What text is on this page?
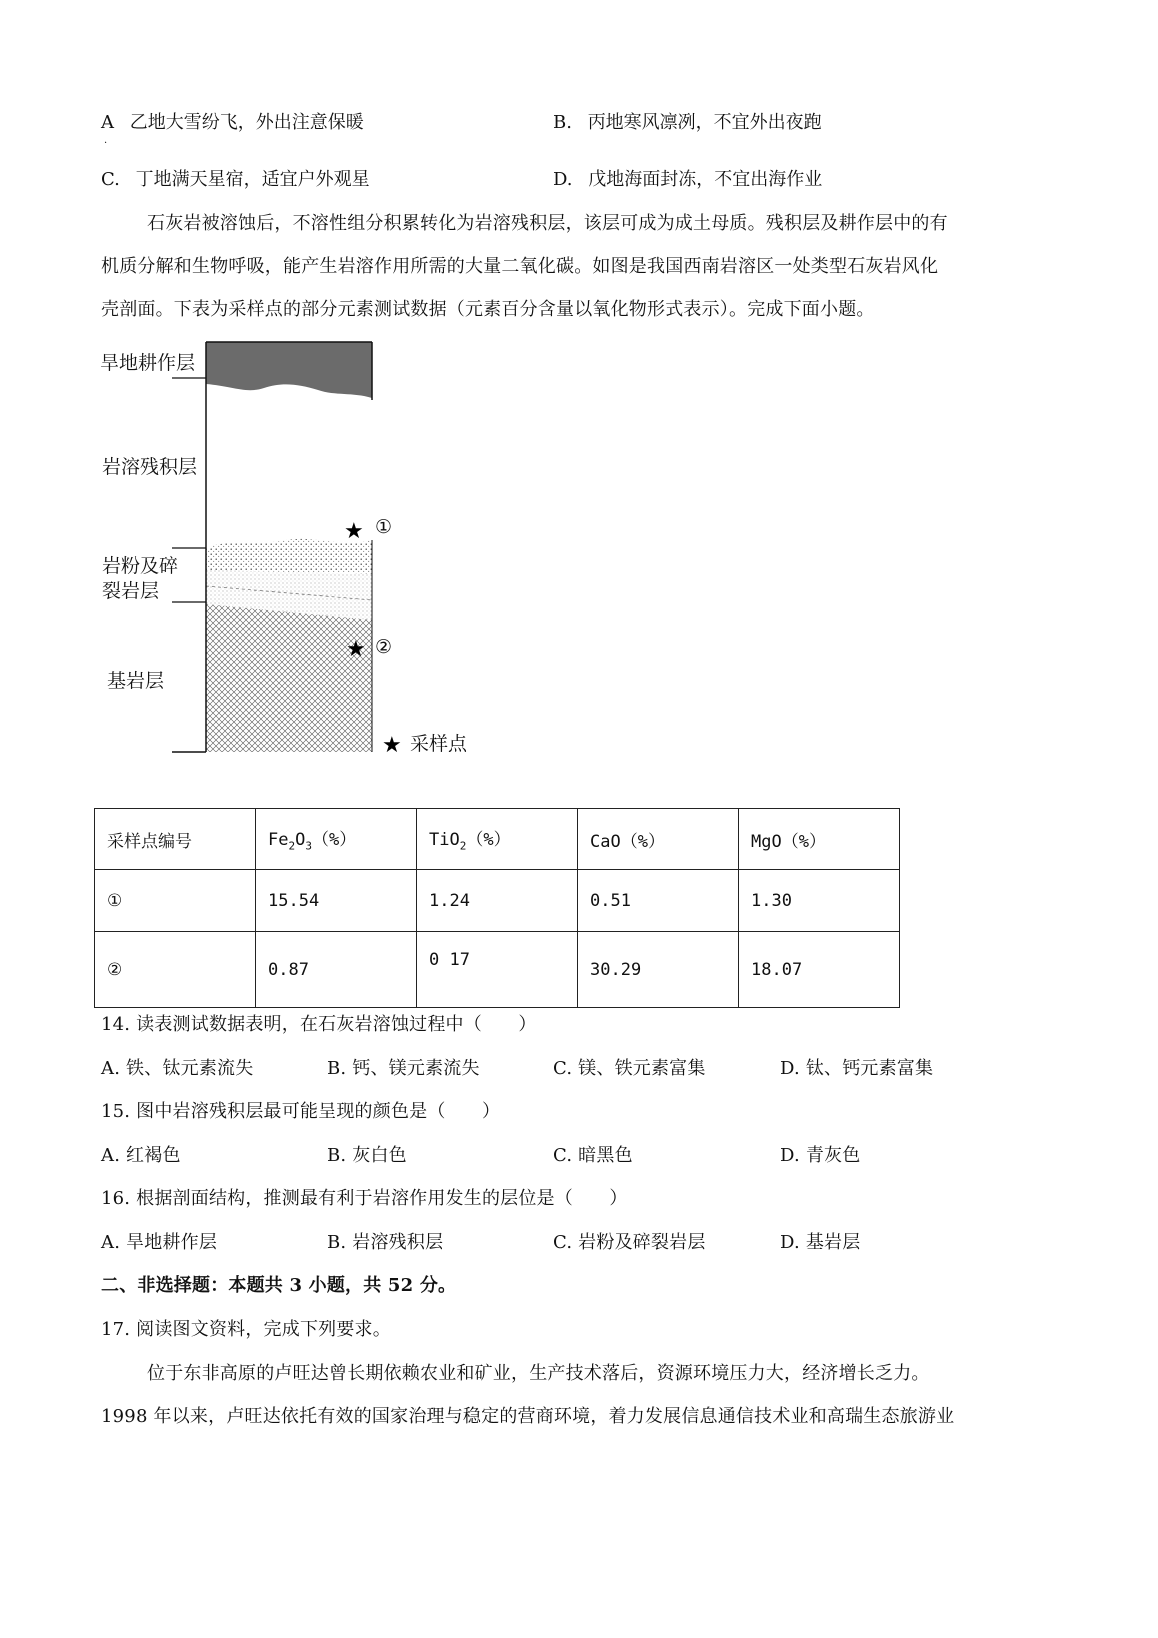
A 乙地大雪纷飞，外出注意保暖
.
B. 丙地寒风凛冽，不宜外出夜跑
C. 丁地满天星宿，适宜户外观星	D. 戊地海面封冻，不宜出海作业
石灰岩被溶蚀后，不溶性组分积累转化为岩溶残积层，该层可成为成土母质。残积层及耕作层中的有
机质分解和生物呼吸，能产生岩溶作用所需的大量二氧化碳。如图是我国西南岩溶区一处类型石灰岩风化
壳剖面。下表为采样点的部分元素测试数据（元素百分含量以氧化物形式表示）。完成下面小题。
★
★
★
旱地耕作层
岩溶残积层
岩粉及碎
裂岩层
基岩层
①
②
采样点
采样点编号	$Fe_2O_3(\%)$	TiO$_2$（%）	CaO（%）	MgO（%）
①	15.54	1.24	0.51	1.30
②	0.87	0 17	30.29	18.07
14. 读表测试数据表明，在石灰岩溶蚀过程中（　　）
A. 铁、钛元素流失	B. 钙、镁元素流失	C. 镁、铁元素富集	D. 钛、钙元素富集
15. 图中岩溶残积层最可能呈现的颜色是（　　）
A. 红褐色	B. 灰白色	C. 暗黑色	D. 青灰色
16. 根据剖面结构，推测最有利于岩溶作用发生的层位是（　　）
A. 旱地耕作层	B. 岩溶残积层	C. 岩粉及碎裂岩层	D. 基岩层
二、非选择题：本题共 3 小题，共 52 分。
17. 阅读图文资料，完成下列要求。
位于东非高原的卢旺达曾长期依赖农业和矿业，生产技术落后，资源环境压力大，经济增长乏力。
1998 年以来，卢旺达依托有效的国家治理与稳定的营商环境，着力发展信息通信技术业和高瑞生态旅游业
